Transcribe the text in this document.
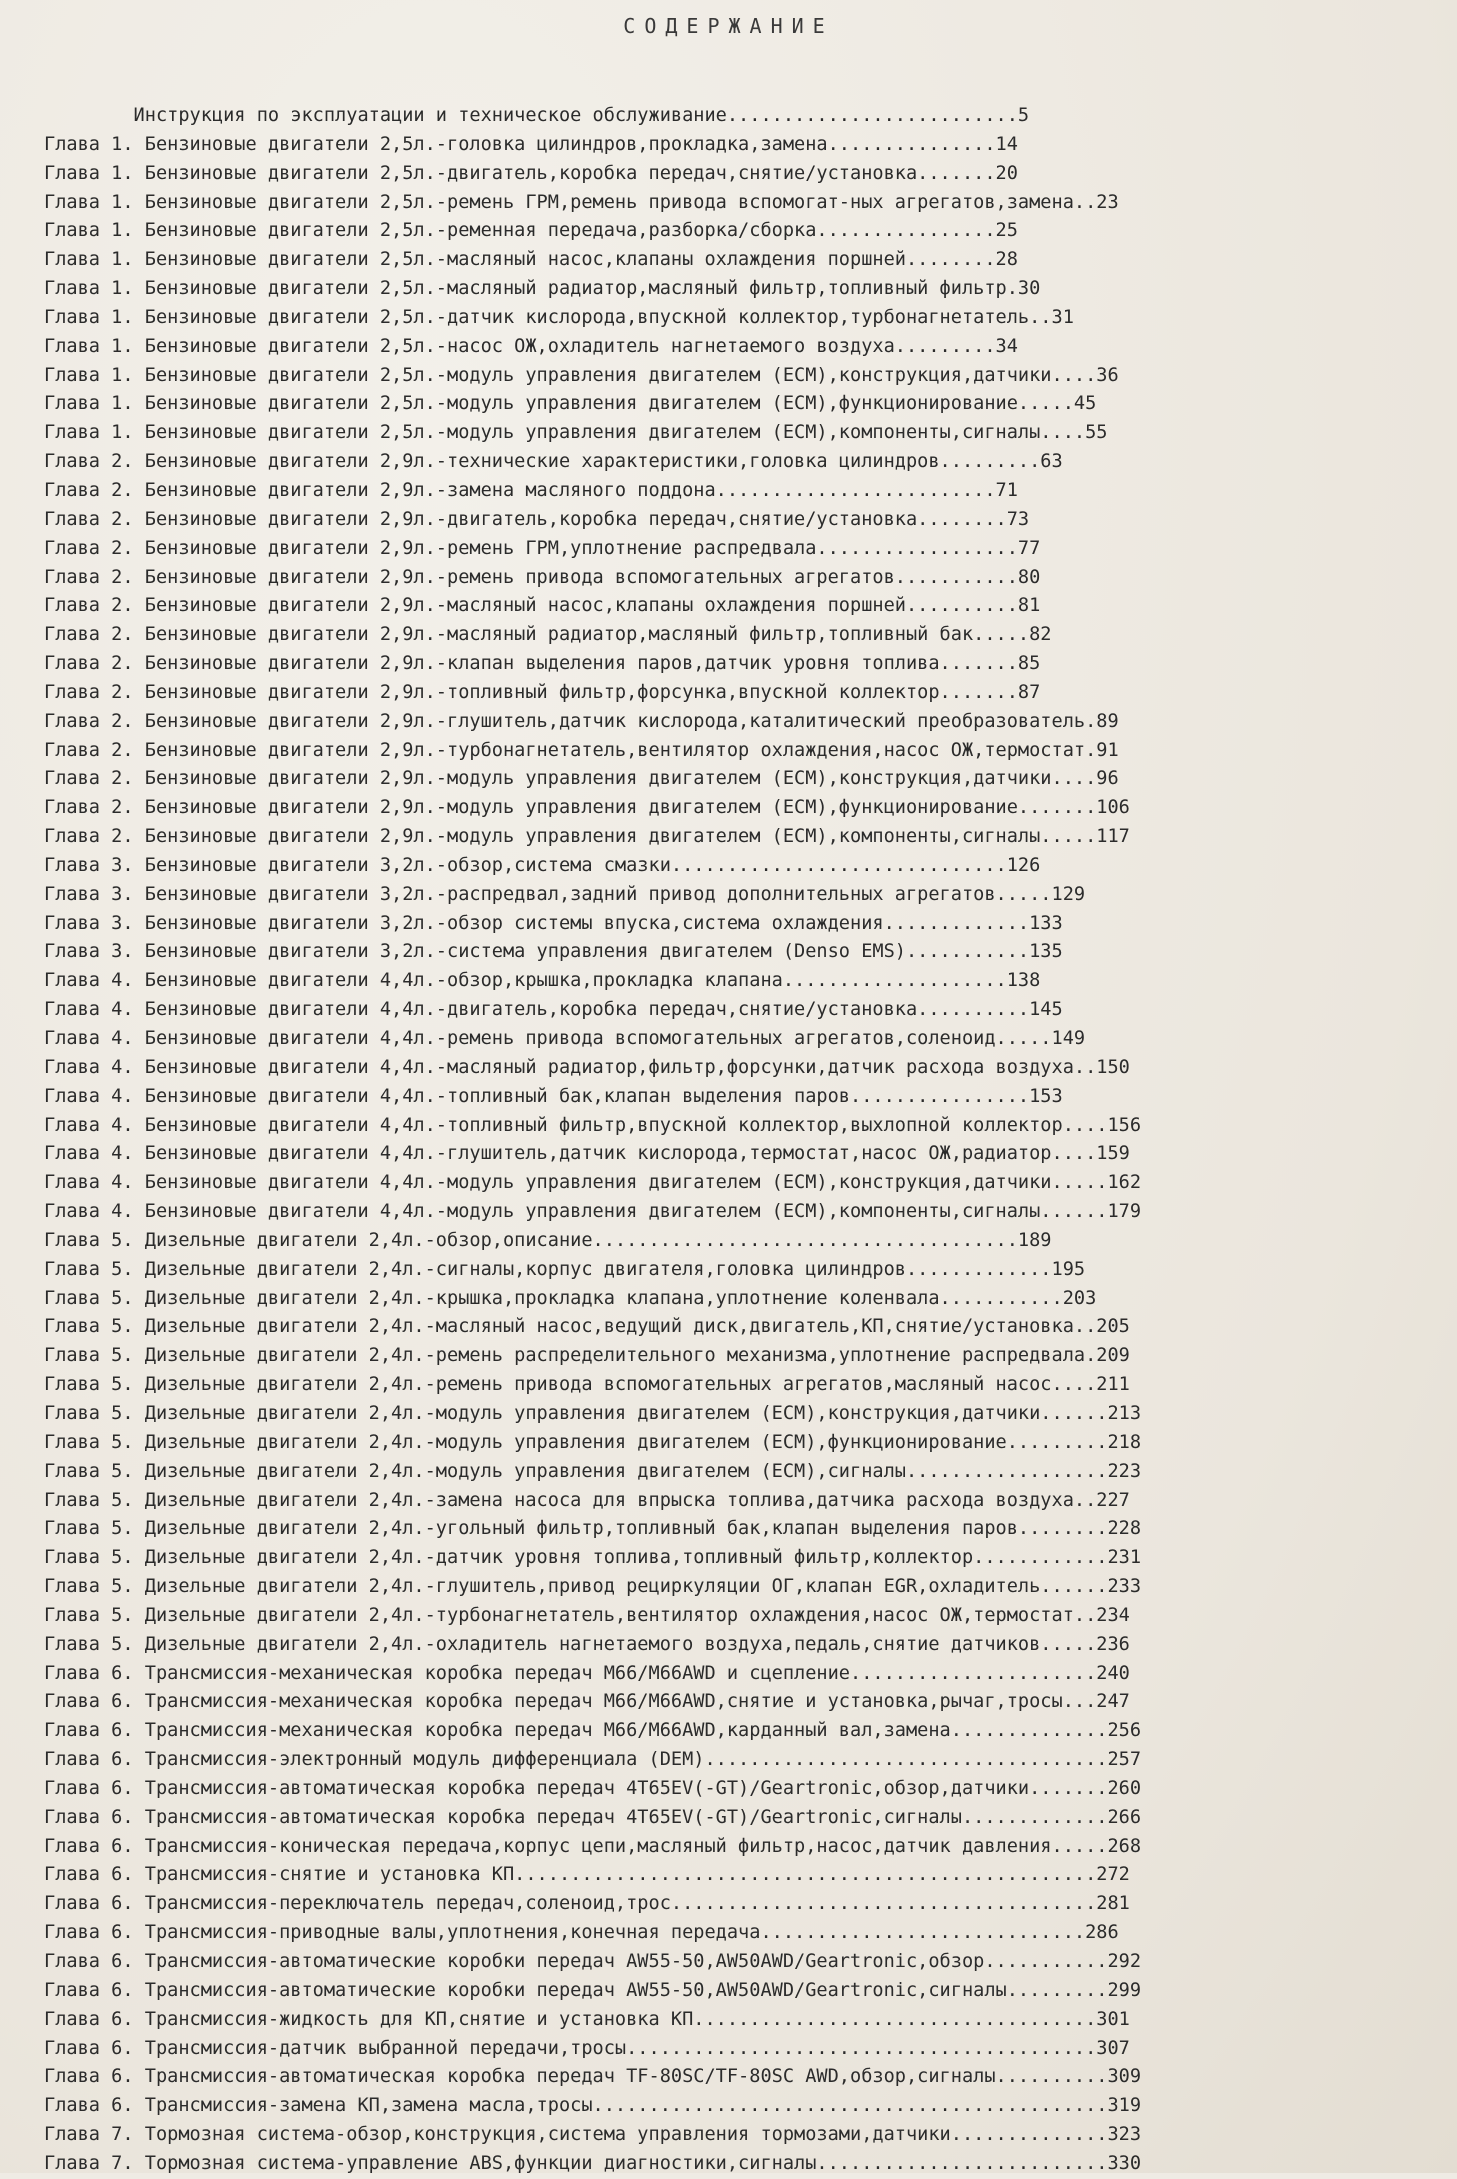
СОДЕРЖАНИЕ
Инструкция по эксплуатации и техническое обслуживание..........................5
Глава 1. Бензиновые двигатели 2,5л.-головка цилиндров,прокладка,замена...............14
Глава 1. Бензиновые двигатели 2,5л.-двигатель,коробка передач,снятие/установка.......20
Глава 1. Бензиновые двигатели 2,5л.-ремень ГРМ,ремень привода вспомогат-ных агрегатов,замена..23
Глава 1. Бензиновые двигатели 2,5л.-ременная передача,разборка/сборка................25
Глава 1. Бензиновые двигатели 2,5л.-масляный насос,клапаны охлаждения поршней........28
Глава 1. Бензиновые двигатели 2,5л.-масляный радиатор,масляный фильтр,топливный фильтр.30
Глава 1. Бензиновые двигатели 2,5л.-датчик кислорода,впускной коллектор,турбонагнетатель..31
Глава 1. Бензиновые двигатели 2,5л.-насос ОЖ,охладитель нагнетаемого воздуха.........34
Глава 1. Бензиновые двигатели 2,5л.-модуль управления двигателем (ECM),конструкция,датчики....36
Глава 1. Бензиновые двигатели 2,5л.-модуль управления двигателем (ECM),функционирование.....45
Глава 1. Бензиновые двигатели 2,5л.-модуль управления двигателем (ECM),компоненты,сигналы....55
Глава 2. Бензиновые двигатели 2,9л.-технические характеристики,головка цилиндров.........63
Глава 2. Бензиновые двигатели 2,9л.-замена масляного поддона.........................71
Глава 2. Бензиновые двигатели 2,9л.-двигатель,коробка передач,снятие/установка........73
Глава 2. Бензиновые двигатели 2,9л.-ремень ГРМ,уплотнение распредвала..................77
Глава 2. Бензиновые двигатели 2,9л.-ремень привода вспомогательных агрегатов...........80
Глава 2. Бензиновые двигатели 2,9л.-масляный насос,клапаны охлаждения поршней..........81
Глава 2. Бензиновые двигатели 2,9л.-масляный радиатор,масляный фильтр,топливный бак.....82
Глава 2. Бензиновые двигатели 2,9л.-клапан выделения паров,датчик уровня топлива.......85
Глава 2. Бензиновые двигатели 2,9л.-топливный фильтр,форсунка,впускной коллектор.......87
Глава 2. Бензиновые двигатели 2,9л.-глушитель,датчик кислорода,каталитический преобразователь.89
Глава 2. Бензиновые двигатели 2,9л.-турбонагнетатель,вентилятор охлаждения,насос ОЖ,термостат.91
Глава 2. Бензиновые двигатели 2,9л.-модуль управления двигателем (ECM),конструкция,датчики....96
Глава 2. Бензиновые двигатели 2,9л.-модуль управления двигателем (ECM),функционирование.......106
Глава 2. Бензиновые двигатели 2,9л.-модуль управления двигателем (ECM),компоненты,сигналы.....117
Глава 3. Бензиновые двигатели 3,2л.-обзор,система смазки..............................126
Глава 3. Бензиновые двигатели 3,2л.-распредвал,задний привод дополнительных агрегатов.....129
Глава 3. Бензиновые двигатели 3,2л.-обзор системы впуска,система охлаждения.............133
Глава 3. Бензиновые двигатели 3,2л.-система управления двигателем (Denso EMS)...........135
Глава 4. Бензиновые двигатели 4,4л.-обзор,крышка,прокладка клапана....................138
Глава 4. Бензиновые двигатели 4,4л.-двигатель,коробка передач,снятие/установка..........145
Глава 4. Бензиновые двигатели 4,4л.-ремень привода вспомогательных агрегатов,соленоид.....149
Глава 4. Бензиновые двигатели 4,4л.-масляный радиатор,фильтр,форсунки,датчик расхода воздуха..150
Глава 4. Бензиновые двигатели 4,4л.-топливный бак,клапан выделения паров................153
Глава 4. Бензиновые двигатели 4,4л.-топливный фильтр,впускной коллектор,выхлопной коллектор....156
Глава 4. Бензиновые двигатели 4,4л.-глушитель,датчик кислорода,термостат,насос ОЖ,радиатор....159
Глава 4. Бензиновые двигатели 4,4л.-модуль управления двигателем (ECM),конструкция,датчики.....162
Глава 4. Бензиновые двигатели 4,4л.-модуль управления двигателем (ECM),компоненты,сигналы......179
Глава 5. Дизельные двигатели 2,4л.-обзор,описание......................................189
Глава 5. Дизельные двигатели 2,4л.-сигналы,корпус двигателя,головка цилиндров.............195
Глава 5. Дизельные двигатели 2,4л.-крышка,прокладка клапана,уплотнение коленвала...........203
Глава 5. Дизельные двигатели 2,4л.-масляный насос,ведущий диск,двигатель,КП,снятие/установка..205
Глава 5. Дизельные двигатели 2,4л.-ремень распределительного механизма,уплотнение распредвала.209
Глава 5. Дизельные двигатели 2,4л.-ремень привода вспомогательных агрегатов,масляный насос....211
Глава 5. Дизельные двигатели 2,4л.-модуль управления двигателем (ECM),конструкция,датчики......213
Глава 5. Дизельные двигатели 2,4л.-модуль управления двигателем (ECM),функционирование.........218
Глава 5. Дизельные двигатели 2,4л.-модуль управления двигателем (ECM),сигналы..................223
Глава 5. Дизельные двигатели 2,4л.-замена насоса для впрыска топлива,датчика расхода воздуха..227
Глава 5. Дизельные двигатели 2,4л.-угольный фильтр,топливный бак,клапан выделения паров........228
Глава 5. Дизельные двигатели 2,4л.-датчик уровня топлива,топливный фильтр,коллектор............231
Глава 5. Дизельные двигатели 2,4л.-глушитель,привод рециркуляции ОГ,клапан EGR,охладитель......233
Глава 5. Дизельные двигатели 2,4л.-турбонагнетатель,вентилятор охлаждения,насос ОЖ,термостат..234
Глава 5. Дизельные двигатели 2,4л.-охладитель нагнетаемого воздуха,педаль,снятие датчиков.....236
Глава 6. Трансмиссия-механическая коробка передач M66/M66AWD и сцепление......................240
Глава 6. Трансмиссия-механическая коробка передач M66/M66AWD,снятие и установка,рычаг,тросы...247
Глава 6. Трансмиссия-механическая коробка передач M66/M66AWD,карданный вал,замена..............256
Глава 6. Трансмиссия-электронный модуль дифференциала (DEM)....................................257
Глава 6. Трансмиссия-автоматическая коробка передач 4T65EV(-GT)/Geartronic,обзор,датчики.......260
Глава 6. Трансмиссия-автоматическая коробка передач 4T65EV(-GT)/Geartronic,сигналы.............266
Глава 6. Трансмиссия-коническая передача,корпус цепи,масляный фильтр,насос,датчик давления.....268
Глава 6. Трансмиссия-снятие и установка КП....................................................272
Глава 6. Трансмиссия-переключатель передач,соленоид,трос......................................281
Глава 6. Трансмиссия-приводные валы,уплотнения,конечная передача.............................286
Глава 6. Трансмиссия-автоматические коробки передач AW55-50,AW50AWD/Geartronic,обзор...........292
Глава 6. Трансмиссия-автоматические коробки передач AW55-50,AW50AWD/Geartronic,сигналы.........299
Глава 6. Трансмиссия-жидкость для КП,снятие и установка КП....................................301
Глава 6. Трансмиссия-датчик выбранной передачи,тросы..........................................307
Глава 6. Трансмиссия-автоматическая коробка передач TF-80SC/TF-80SC AWD,обзор,сигналы..........309
Глава 6. Трансмиссия-замена КП,замена масла,тросы..............................................319
Глава 7. Тормозная система-обзор,конструкция,система управления тормозами,датчики..............323
Глава 7. Тормозная система-управление ABS,функции диагностики,сигналы..........................330
